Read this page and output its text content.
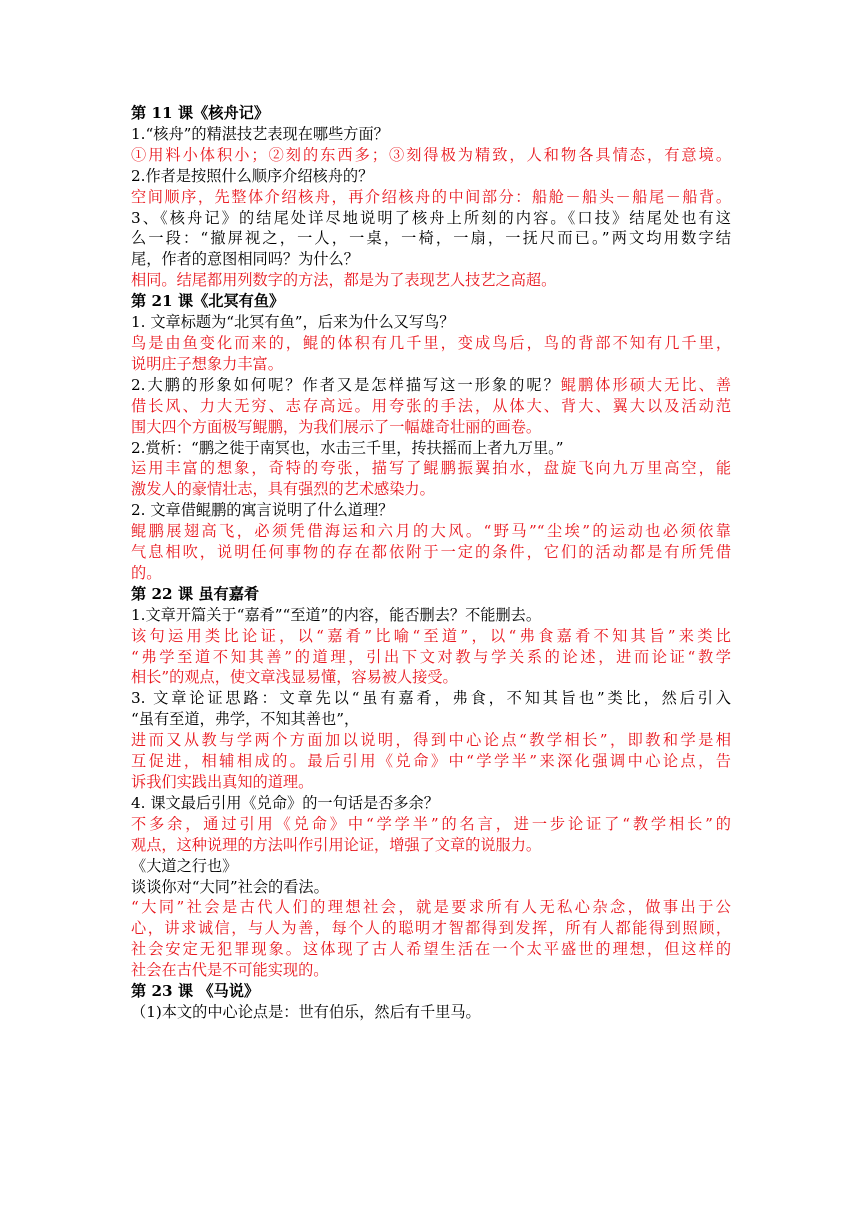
第 11 课《核舟记》
1.“核舟”的精湛技艺表现在哪些方面？
①用料小体积小；②刻的东西多；③刻得极为精致，人和物各具情态，有意境。
2.作者是按照什么顺序介绍核舟的？
空间顺序，先整体介绍核舟，再介绍核舟的中间部分：船舱－船头－船尾－船背。
3、《核舟记》的结尾处详尽地说明了核舟上所刻的内容。《口技》结尾处也有这
么一段：“撤屏视之，一人，一桌，一椅，一扇，一抚尺而已。”两文均用数字结
尾，作者的意图相同吗？为什么？
相同。结尾都用列数字的方法，都是为了表现艺人技艺之高超。
第 21 课《北冥有鱼》
1. 文章标题为“北冥有鱼”，后来为什么又写鸟？
鸟是由鱼变化而来的，鲲的体积有几千里，变成鸟后，鸟的背部不知有几千里，
说明庄子想象力丰富。
2.大鹏的形象如何呢？作者又是怎样描写这一形象的呢？鲲鹏体形硕大无比、善
借长风、力大无穷、志存高远。用夸张的手法，从体大、背大、翼大以及活动范
围大四个方面极写鲲鹏，为我们展示了一幅雄奇壮丽的画卷。
2.赏析：“鹏之徙于南冥也，水击三千里，抟扶摇而上者九万里。”
运用丰富的想象，奇特的夸张，描写了鲲鹏振翼拍水，盘旋飞向九万里高空，能
激发人的豪情壮志，具有强烈的艺术感染力。
2. 文章借鲲鹏的寓言说明了什么道理？
鲲鹏展翅高飞，必须凭借海运和六月的大风。“野马”“尘埃”的运动也必须依靠
气息相吹，说明任何事物的存在都依附于一定的条件，它们的活动都是有所凭借
的。
第 22 课 虽有嘉肴
1.文章开篇关于“嘉肴”“至道”的内容，能否删去？不能删去。
该句运用类比论证，以“嘉肴”比喻“至道”，以“弗食嘉肴不知其旨”来类比
“弗学至道不知其善”的道理，引出下文对教与学关系的论述，进而论证“教学
相长”的观点，使文章浅显易懂，容易被人接受。
3. 文章论证思路：文章先以“虽有嘉肴，弗食，不知其旨也”类比，然后引入
“虽有至道，弗学，不知其善也”，
进而又从教与学两个方面加以说明，得到中心论点“教学相长”，即教和学是相
互促进，相辅相成的。最后引用《兑命》中“学学半”来深化强调中心论点，告
诉我们实践出真知的道理。
4. 课文最后引用《兑命》的一句话是否多余？
不多余，通过引用《兑命》中“学学半”的名言，进一步论证了“教学相长”的
观点，这种说理的方法叫作引用论证，增强了文章的说服力。
《大道之行也》
谈谈你对“大同”社会的看法。
“大同”社会是古代人们的理想社会，就是要求所有人无私心杂念，做事出于公
心，讲求诚信，与人为善，每个人的聪明才智都得到发挥，所有人都能得到照顾，
社会安定无犯罪现象。这体现了古人希望生活在一个太平盛世的理想，但这样的
社会在古代是不可能实现的。
第 23 课 《马说》
（1)本文的中心论点是：世有伯乐，然后有千里马。
